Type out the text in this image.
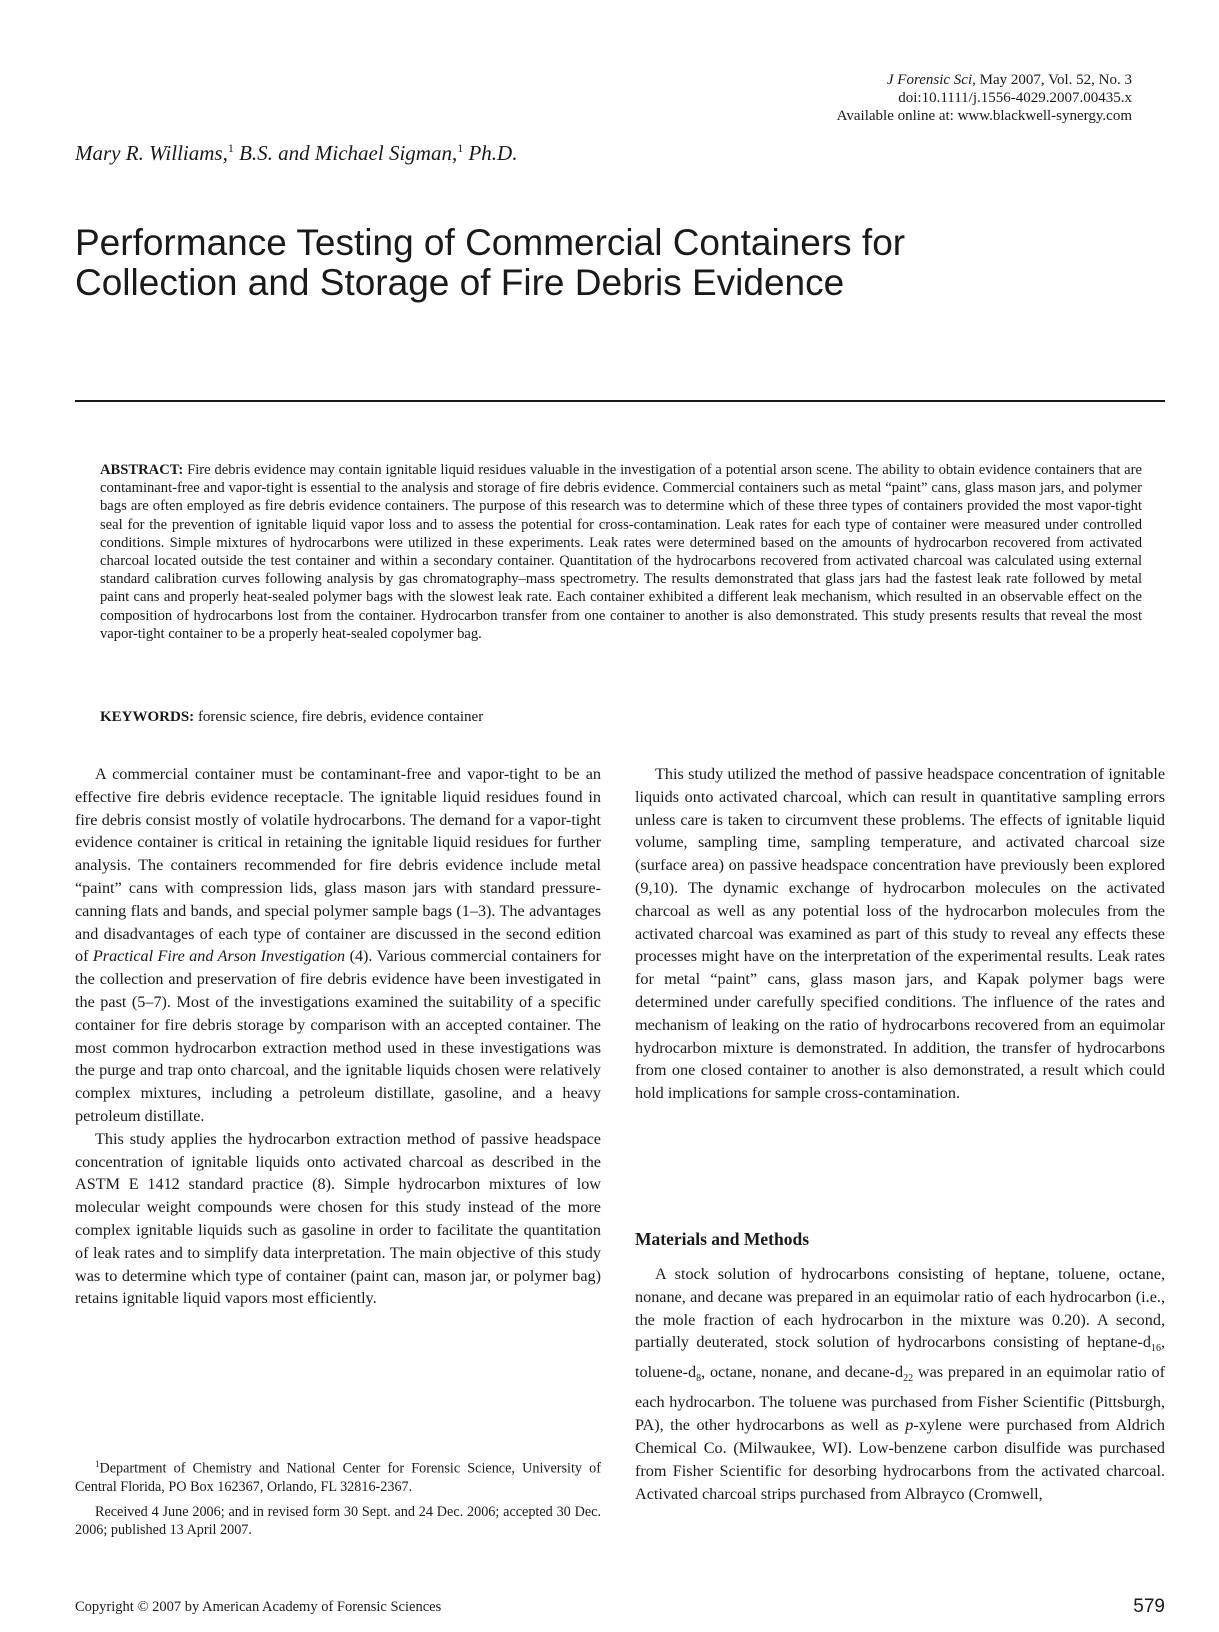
J Forensic Sci, May 2007, Vol. 52, No. 3
doi:10.1111/j.1556-4029.2007.00435.x
Available online at: www.blackwell-synergy.com
Mary R. Williams,$^1$ B.S. and Michael Sigman,$^1$ Ph.D.
Performance Testing of Commercial Containers for Collection and Storage of Fire Debris Evidence
ABSTRACT: Fire debris evidence may contain ignitable liquid residues valuable in the investigation of a potential arson scene. The ability to obtain evidence containers that are contaminant-free and vapor-tight is essential to the analysis and storage of fire debris evidence. Commercial containers such as metal “paint” cans, glass mason jars, and polymer bags are often employed as fire debris evidence containers. The purpose of this research was to determine which of these three types of containers provided the most vapor-tight seal for the prevention of ignitable liquid vapor loss and to assess the potential for cross-contamination. Leak rates for each type of container were measured under controlled conditions. Simple mixtures of hydrocarbons were utilized in these experiments. Leak rates were determined based on the amounts of hydrocarbon recovered from activated charcoal located outside the test container and within a secondary container. Quantitation of the hydrocarbons recovered from activated charcoal was calculated using external standard calibration curves following analysis by gas chromatography–mass spectrometry. The results demonstrated that glass jars had the fastest leak rate followed by metal paint cans and properly heat-sealed polymer bags with the slowest leak rate. Each container exhibited a different leak mechanism, which resulted in an observable effect on the composition of hydrocarbons lost from the container. Hydrocarbon transfer from one container to another is also demonstrated. This study presents results that reveal the most vapor-tight container to be a properly heat-sealed copolymer bag.
KEYWORDS: forensic science, fire debris, evidence container

A commercial container must be contaminant-free and vapor-tight to be an effective fire debris evidence receptacle. The ignitable liquid residues found in fire debris consist mostly of volatile hydrocarbons. The demand for a vapor-tight evidence container is critical in retaining the ignitable liquid residues for further analysis. The containers recommended for fire debris evidence include metal “paint” cans with compression lids, glass mason jars with standard pressure-canning flats and bands, and special polymer sample bags (1–3). The advantages and disadvantages of each type of container are discussed in the second edition of Practical Fire and Arson Investigation (4). Various commercial containers for the collection and preservation of fire debris evidence have been investigated in the past (5–7). Most of the investigations examined the suitability of a specific container for fire debris storage by comparison with an accepted container. The most common hydrocarbon extraction method used in these investigations was the purge and trap onto charcoal, and the ignitable liquids chosen were relatively complex mixtures, including a petroleum distillate, gasoline, and a heavy petroleum distillate.

This study applies the hydrocarbon extraction method of passive headspace concentration of ignitable liquids onto activated charcoal as described in the ASTM E 1412 standard practice (8). Simple hydrocarbon mixtures of low molecular weight compounds were chosen for this study instead of the more complex ignitable liquids such as gasoline in order to facilitate the quantitation of leak rates and to simplify data interpretation. The main objective of this study was to determine which type of container (paint can, mason jar, or polymer bag) retains ignitable liquid vapors most efficiently.

$^1$Department of Chemistry and National Center for Forensic Science, University of Central Florida, PO Box 162367, Orlando, FL 32816-2367.

Received 4 June 2006; and in revised form 30 Sept. and 24 Dec. 2006; accepted 30 Dec. 2006; published 13 April 2007.

This study utilized the method of passive headspace concentration of ignitable liquids onto activated charcoal, which can result in quantitative sampling errors unless care is taken to circumvent these problems. The effects of ignitable liquid volume, sampling time, sampling temperature, and activated charcoal size (surface area) on passive headspace concentration have previously been explored (9,10). The dynamic exchange of hydrocarbon molecules on the activated charcoal as well as any potential loss of the hydrocarbon molecules from the activated charcoal was examined as part of this study to reveal any effects these processes might have on the interpretation of the experimental results. Leak rates for metal “paint” cans, glass mason jars, and Kapak polymer bags were determined under carefully specified conditions. The influence of the rates and mechanism of leaking on the ratio of hydrocarbons recovered from an equimolar hydrocarbon mixture is demonstrated. In addition, the transfer of hydrocarbons from one closed container to another is also demonstrated, a result which could hold implications for sample cross-contamination.

Materials and Methods

A stock solution of hydrocarbons consisting of heptane, toluene, octane, nonane, and decane was prepared in an equimolar ratio of each hydrocarbon (i.e., the mole fraction of each hydrocarbon in the mixture was 0.20). A second, partially deuterated, stock solution of hydrocarbons consisting of heptane-$d_{16}$, toluene-$d_8$, octane, nonane, and decane-$d_{22}$ was prepared in an equimolar ratio of each hydrocarbon. The toluene was purchased from Fisher Scientific (Pittsburgh, PA), the other hydrocarbons as well as p-xylene were purchased from Aldrich Chemical Co. (Milwaukee, WI). Low-benzene carbon disulfide was purchased from Fisher Scientific for desorbing hydrocarbons from the activated charcoal. Activated charcoal strips purchased from Albrayco (Cromwell,

Copyright © 2007 by American Academy of Forensic Sciences	579
